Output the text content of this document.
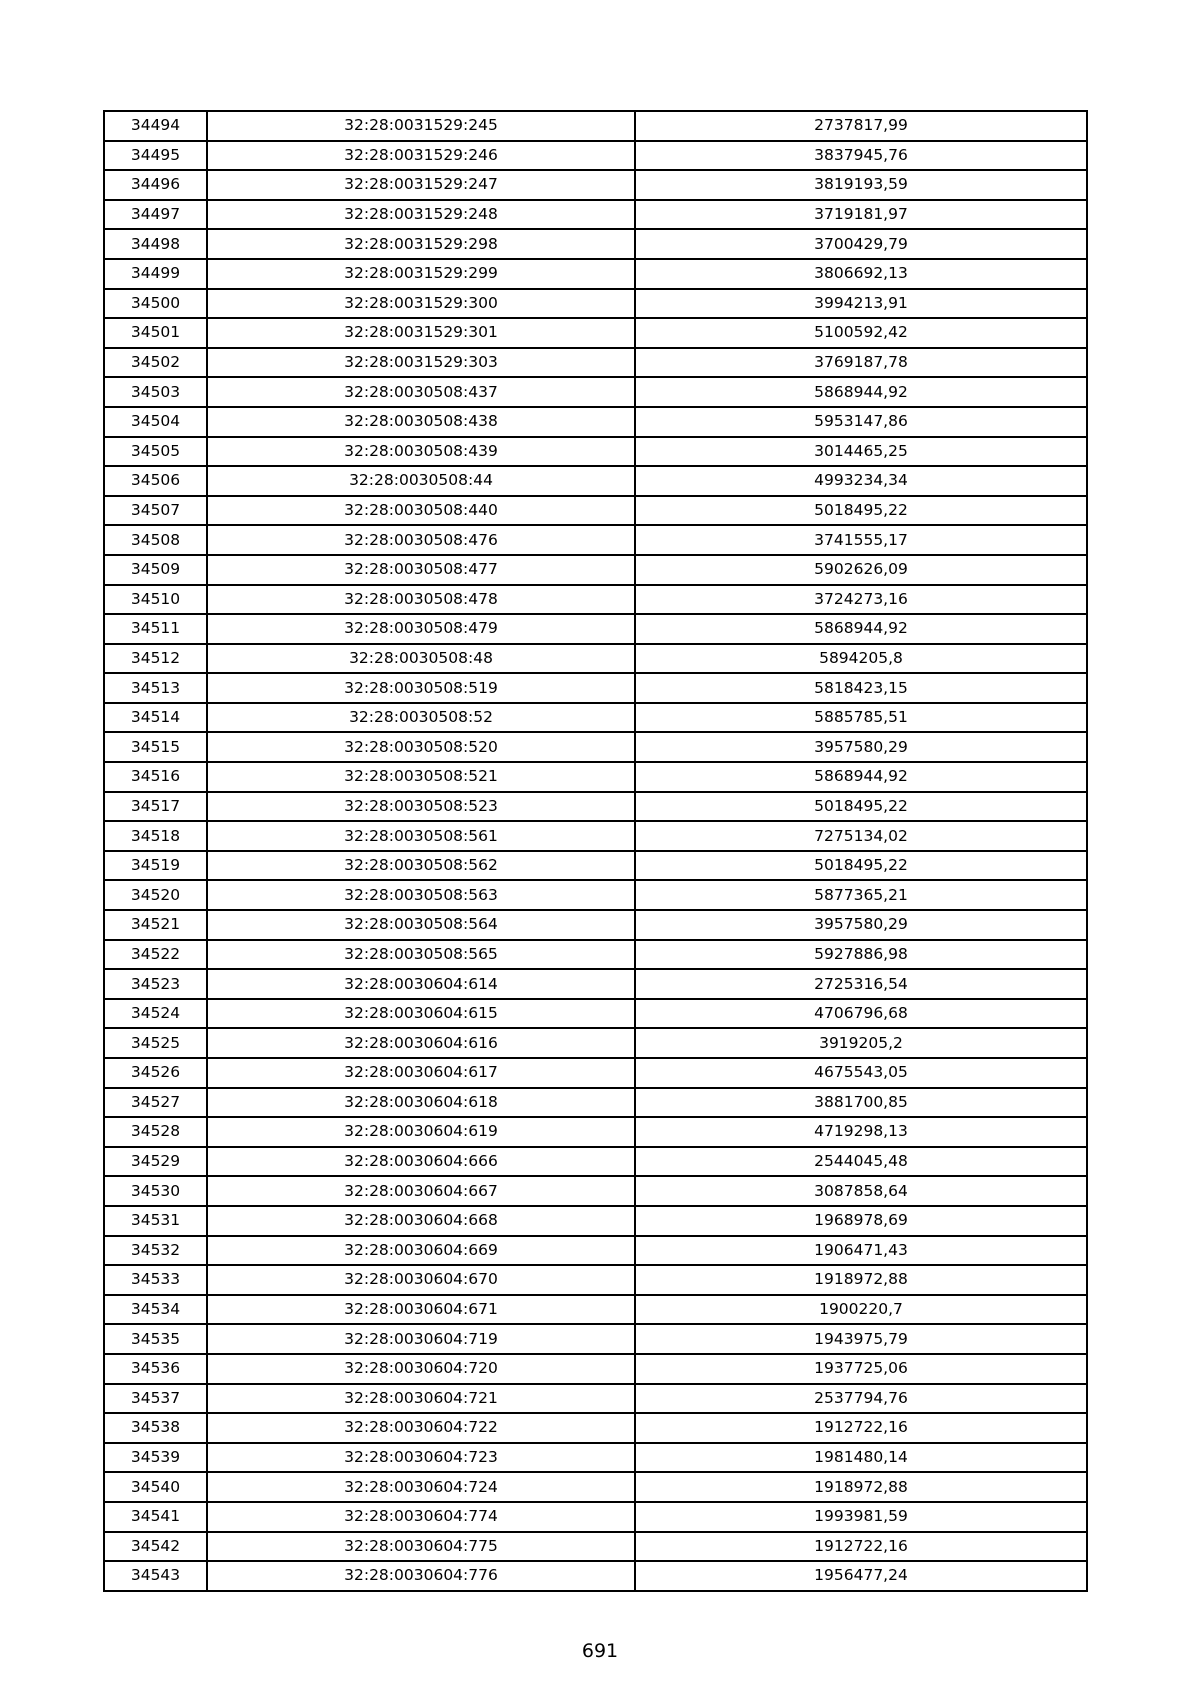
34494	32:28:0031529:245	2737817,99
34495	32:28:0031529:246	3837945,76
34496	32:28:0031529:247	3819193,59
34497	32:28:0031529:248	3719181,97
34498	32:28:0031529:298	3700429,79
34499	32:28:0031529:299	3806692,13
34500	32:28:0031529:300	3994213,91
34501	32:28:0031529:301	5100592,42
34502	32:28:0031529:303	3769187,78
34503	32:28:0030508:437	5868944,92
34504	32:28:0030508:438	5953147,86
34505	32:28:0030508:439	3014465,25
34506	32:28:0030508:44	4993234,34
34507	32:28:0030508:440	5018495,22
34508	32:28:0030508:476	3741555,17
34509	32:28:0030508:477	5902626,09
34510	32:28:0030508:478	3724273,16
34511	32:28:0030508:479	5868944,92
34512	32:28:0030508:48	5894205,8
34513	32:28:0030508:519	5818423,15
34514	32:28:0030508:52	5885785,51
34515	32:28:0030508:520	3957580,29
34516	32:28:0030508:521	5868944,92
34517	32:28:0030508:523	5018495,22
34518	32:28:0030508:561	7275134,02
34519	32:28:0030508:562	5018495,22
34520	32:28:0030508:563	5877365,21
34521	32:28:0030508:564	3957580,29
34522	32:28:0030508:565	5927886,98
34523	32:28:0030604:614	2725316,54
34524	32:28:0030604:615	4706796,68
34525	32:28:0030604:616	3919205,2
34526	32:28:0030604:617	4675543,05
34527	32:28:0030604:618	3881700,85
34528	32:28:0030604:619	4719298,13
34529	32:28:0030604:666	2544045,48
34530	32:28:0030604:667	3087858,64
34531	32:28:0030604:668	1968978,69
34532	32:28:0030604:669	1906471,43
34533	32:28:0030604:670	1918972,88
34534	32:28:0030604:671	1900220,7
34535	32:28:0030604:719	1943975,79
34536	32:28:0030604:720	1937725,06
34537	32:28:0030604:721	2537794,76
34538	32:28:0030604:722	1912722,16
34539	32:28:0030604:723	1981480,14
34540	32:28:0030604:724	1918972,88
34541	32:28:0030604:774	1993981,59
34542	32:28:0030604:775	1912722,16
34543	32:28:0030604:776	1956477,24
691
